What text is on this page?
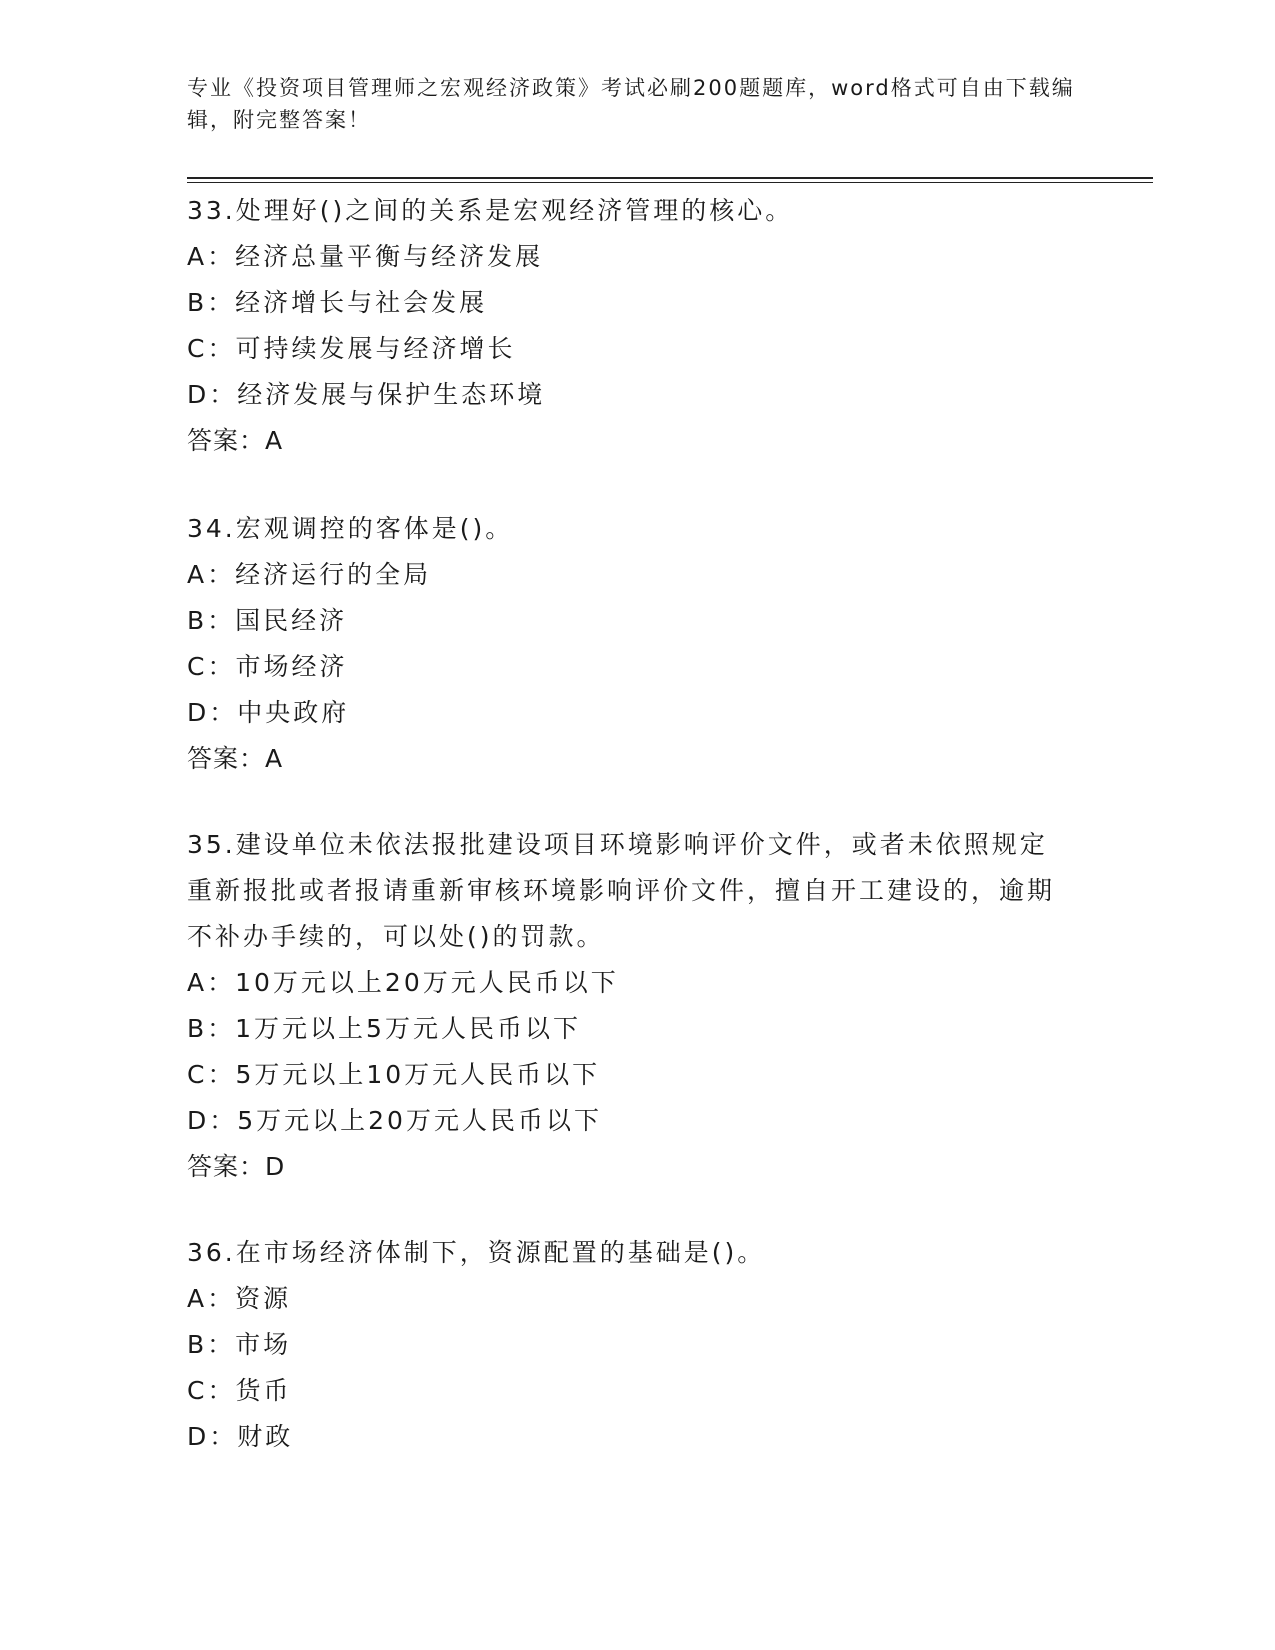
专业《投资项目管理师之宏观经济政策》考试必刷200题题库，word格式可自由下载编辑，附完整答案！
33.处理好()之间的关系是宏观经济管理的核心。
A：经济总量平衡与经济发展
B：经济增长与社会发展
C：可持续发展与经济增长
D：经济发展与保护生态环境
答案：A
34.宏观调控的客体是()。
A：经济运行的全局
B：国民经济
C：市场经济
D：中央政府
答案：A
35.建设单位未依法报批建设项目环境影响评价文件，或者未依照规定重新报批或者报请重新审核环境影响评价文件，擅自开工建设的，逾期不补办手续的，可以处()的罚款。
A：10万元以上20万元人民币以下
B：1万元以上5万元人民币以下
C：5万元以上10万元人民币以下
D：5万元以上20万元人民币以下
答案：D
36.在市场经济体制下，资源配置的基础是()。
A：资源
B：市场
C：货币
D：财政
